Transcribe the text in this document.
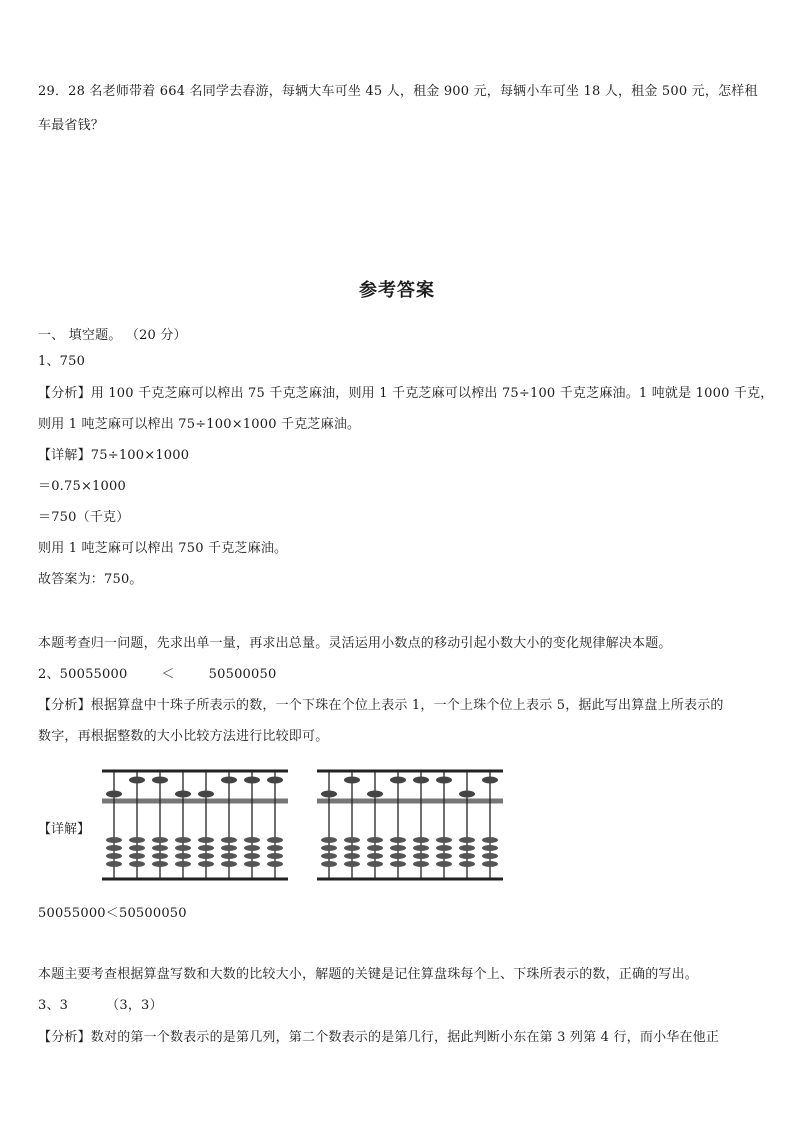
29．28 名老师带着 664 名同学去春游，每辆大车可坐 45 人，租金 900 元，每辆小车可坐 18 人，租金 500 元，怎样租
车最省钱？
参考答案
一、 填空题。 （20 分）
1、750
【分析】用 100 千克芝麻可以榨出 75 千克芝麻油，则用 1 千克芝麻可以榨出 75÷100 千克芝麻油。1 吨就是 1000 千克，
则用 1 吨芝麻可以榨出 75÷100×1000 千克芝麻油。
【详解】75÷100×1000
＝0.75×1000
＝750（千克）
则用 1 吨芝麻可以榨出 750 千克芝麻油。
故答案为：750。
本题考查归一问题，先求出单一量，再求出总量。灵活运用小数点的移动引起小数大小的变化规律解决本题。
2、50055000	＜	50500050
【分析】根据算盘中十珠子所表示的数，一个下珠在个位上表示 1，一个上珠个位上表示 5，据此写出算盘上所表示的
数字，再根据整数的大小比较方法进行比较即可。
【详解】
50055000＜50500050
本题主要考查根据算盘写数和大数的比较大小，解题的关键是记住算盘珠每个上、下珠所表示的数，正确的写出。
3、3	（3，3）
【分析】数对的第一个数表示的是第几列，第二个数表示的是第几行，据此判断小东在第 3 列第 4 行，而小华在他正
